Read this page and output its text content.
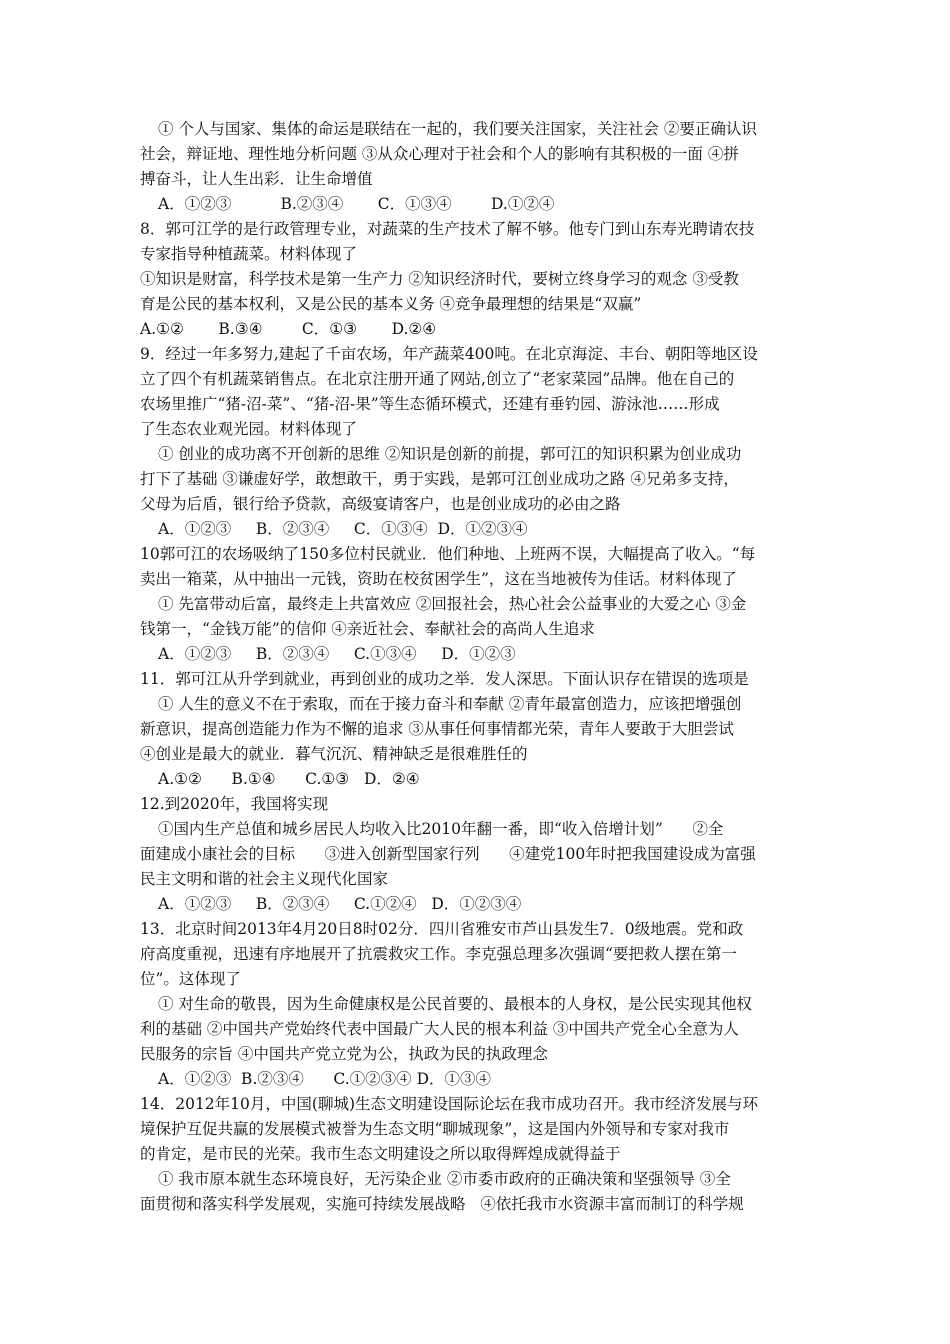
① 个人与国家、集体的命运是联结在一起的，我们要关注国家，关注社会 ②要正确认识
社会，辩证地、理性地分析问题 ③从众心理对于社会和个人的影响有其积极的一面 ④拼
搏奋斗，让人生出彩．让生命增值
A．①②③          B.②③④       C．①③④        D.①②④
8．郭可江学的是行政管理专业，对蔬菜的生产技术了解不够。他专门到山东寿光聘请农技
专家指导种植蔬菜。材料体现了
①知识是财富，科学技术是第一生产力 ②知识经济时代，要树立终身学习的观念 ③受教
育是公民的基本权利，又是公民的基本义务 ④竞争最理想的结果是“双赢”
A.①②       B.③④        C．①③       D.②④
9．经过一年多努力,建起了千亩农场，年产蔬菜400吨。在北京海淀、丰台、朝阳等地区设
立了四个有机蔬菜销售点。在北京注册开通了网站,创立了“老家菜园”品牌。他在自己的
农场里推广“猪-沼-菜”、“猪-沼-果”等生态循环模式，还建有垂钓园、游泳池……形成
了生态农业观光园。材料体现了
① 创业的成功离不开创新的思维 ②知识是创新的前提，郭可江的知识积累为创业成功
打下了基础 ③谦虚好学，敢想敢干，勇于实践，是郭可江创业成功之路 ④兄弟多支持，
父母为后盾，银行给予贷款，高级宴请客户，也是创业成功的必由之路
A．①②③     B．②③④     C．①③④  D．①②③④
10郭可江的农场吸纳了150多位村民就业．他们种地、上班两不误，大幅提高了收入。“每
卖出一箱菜，从中抽出一元钱，资助在校贫困学生”，这在当地被传为佳话。材料体现了
① 先富带动后富，最终走上共富效应 ②回报社会，热心社会公益事业的大爱之心 ③金
钱第一，“金钱万能”的信仰 ④亲近社会、奉献社会的高尚人生追求
A．①②③     B．②③④     C.①③④     D．①②③
11．郭可江从升学到就业，再到创业的成功之举．发人深思。下面认识存在错误的选项是
① 人生的意义不在于索取，而在于接力奋斗和奉献 ②青年最富创造力，应该把增强创
新意识，提高创造能力作为不懈的追求 ③从事任何事情都光荣，青年人要敢于大胆尝试
④创业是最大的就业．暮气沉沉、精神缺乏是很难胜任的
A.①②      B.①④      C.①③   D．②④
12.到2020年，我国将实现
①国内生产总值和城乡居民人均收入比2010年翻一番，即“收入倍增计划”      ②全
面建成小康社会的目标      ③进入创新型国家行列      ④建党100年时把我国建设成为富强
民主文明和谐的社会主义现代化国家
A．①②③     B．②③④     C.①②④   D．①②③④
13．北京时间2013年4月20日8时02分．四川省雅安市芦山县发生7．0级地震。党和政
府高度重视，迅速有序地展开了抗震救灾工作。李克强总理多次强调“要把救人摆在第一
位”。这体现了
① 对生命的敬畏，因为生命健康权是公民首要的、最根本的人身权，是公民实现其他权
利的基础 ②中国共产党始终代表中国最广大人民的根本利益 ③中国共产党全心全意为人
民服务的宗旨 ④中国共产党立党为公，执政为民的执政理念
A．①②③  B.②③④      C.①②③④ D．①③④
14．2012年10月，中国(聊城)生态文明建设国际论坛在我市成功召开。我市经济发展与环
境保护互促共赢的发展模式被誉为生态文明“聊城现象”，这是国内外领导和专家对我市
的肯定，是市民的光荣。我市生态文明建设之所以取得辉煌成就得益于
① 我市原本就生态环境良好，无污染企业 ②市委市政府的正确决策和坚强领导 ③全
面贯彻和落实科学发展观，实施可持续发展战略   ④依托我市水资源丰富而制订的科学规
